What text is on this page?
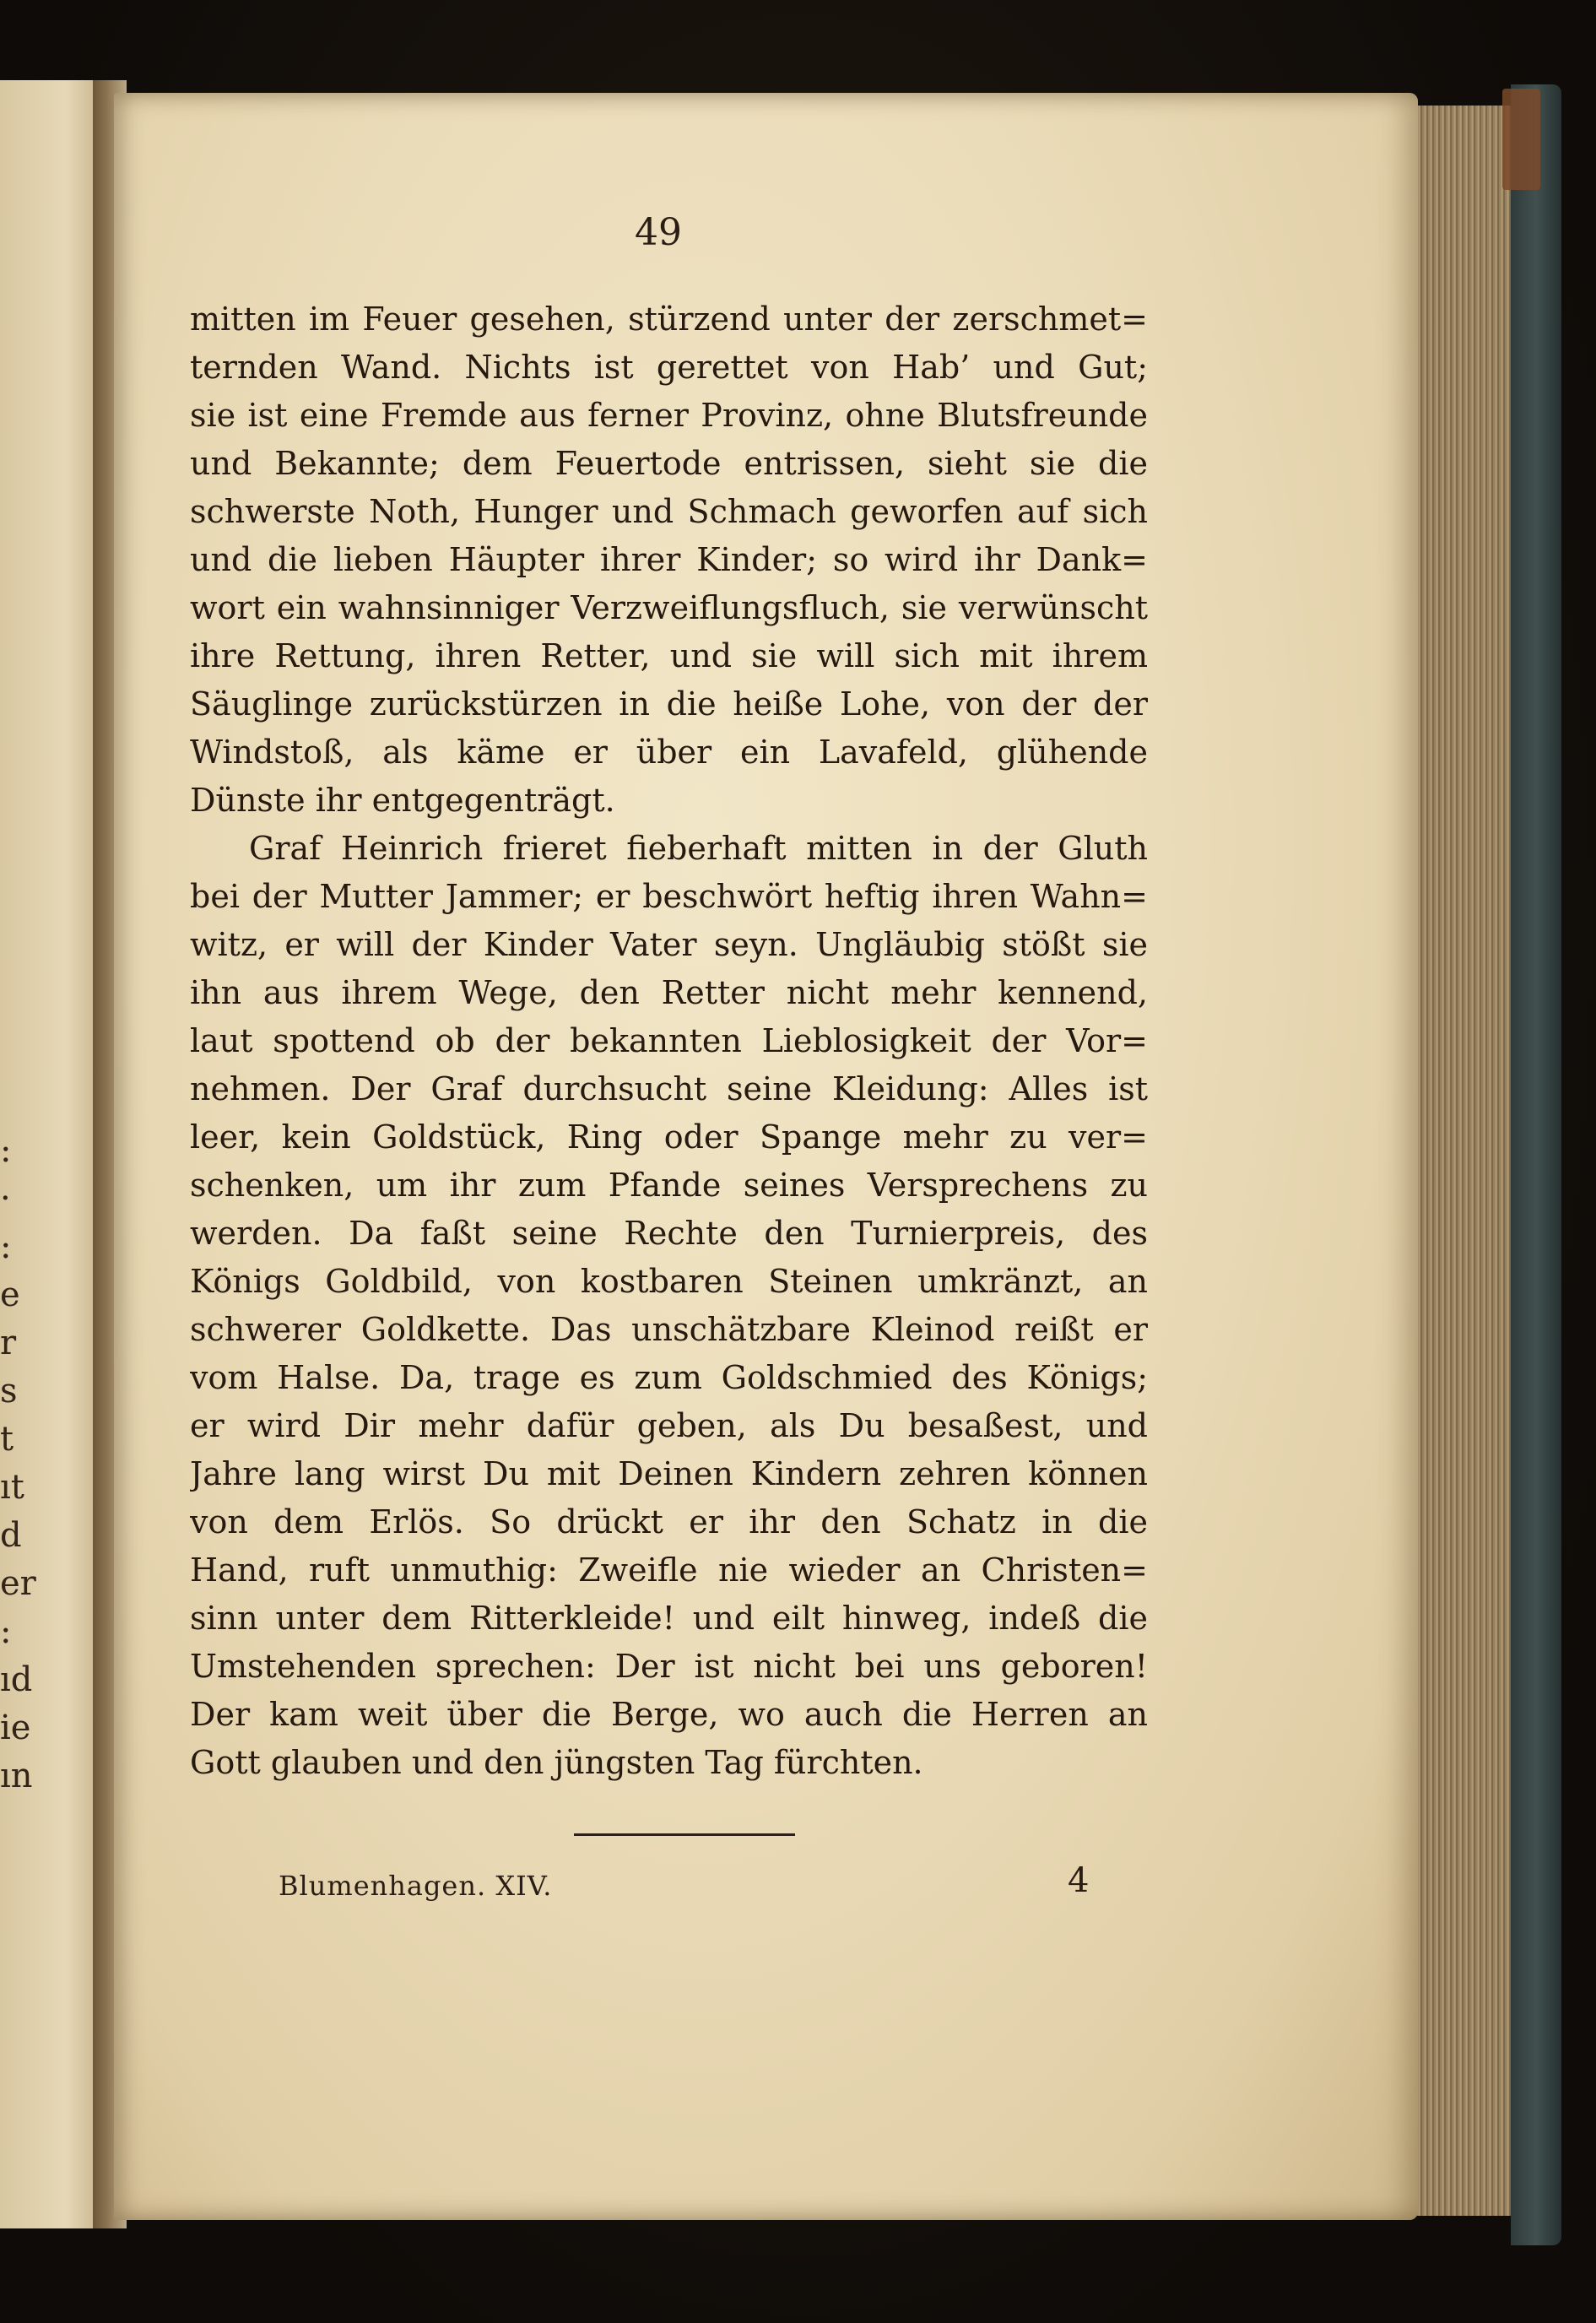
:
·
:
e
r
s
t
ıt
d
er
:
ıd
ie
ın
49
mitten im Feuer gesehen, stürzend unter der zerschmet=
ternden Wand. Nichts ist gerettet von Hab’ und Gut;
sie ist eine Fremde aus ferner Provinz, ohne Blutsfreunde
und Bekannte; dem Feuertode entrissen, sieht sie die
schwerste Noth, Hunger und Schmach geworfen auf sich
und die lieben Häupter ihrer Kinder; so wird ihr Dank=
wort ein wahnsinniger Verzweiflungsfluch, sie verwünscht
ihre Rettung, ihren Retter, und sie will sich mit ihrem
Säuglinge zurückstürzen in die heiße Lohe, von der der
Windstoß, als käme er über ein Lavafeld, glühende
Dünste ihr entgegenträgt.
Graf Heinrich frieret fieberhaft mitten in der Gluth
bei der Mutter Jammer; er beschwört heftig ihren Wahn=
witz, er will der Kinder Vater seyn. Ungläubig stößt sie
ihn aus ihrem Wege, den Retter nicht mehr kennend,
laut spottend ob der bekannten Lieblosigkeit der Vor=
nehmen. Der Graf durchsucht seine Kleidung: Alles ist
leer, kein Goldstück, Ring oder Spange mehr zu ver=
schenken, um ihr zum Pfande seines Versprechens zu
werden. Da faßt seine Rechte den Turnierpreis, des
Königs Goldbild, von kostbaren Steinen umkränzt, an
schwerer Goldkette. Das unschätzbare Kleinod reißt er
vom Halse. Da, trage es zum Goldschmied des Königs;
er wird Dir mehr dafür geben, als Du besaßest, und
Jahre lang wirst Du mit Deinen Kindern zehren können
von dem Erlös. So drückt er ihr den Schatz in die
Hand, ruft unmuthig: Zweifle nie wieder an Christen=
sinn unter dem Ritterkleide! und eilt hinweg, indeß die
Umstehenden sprechen: Der ist nicht bei uns geboren!
Der kam weit über die Berge, wo auch die Herren an
Gott glauben und den jüngsten Tag fürchten.
Blumenhagen. XIV.	4
